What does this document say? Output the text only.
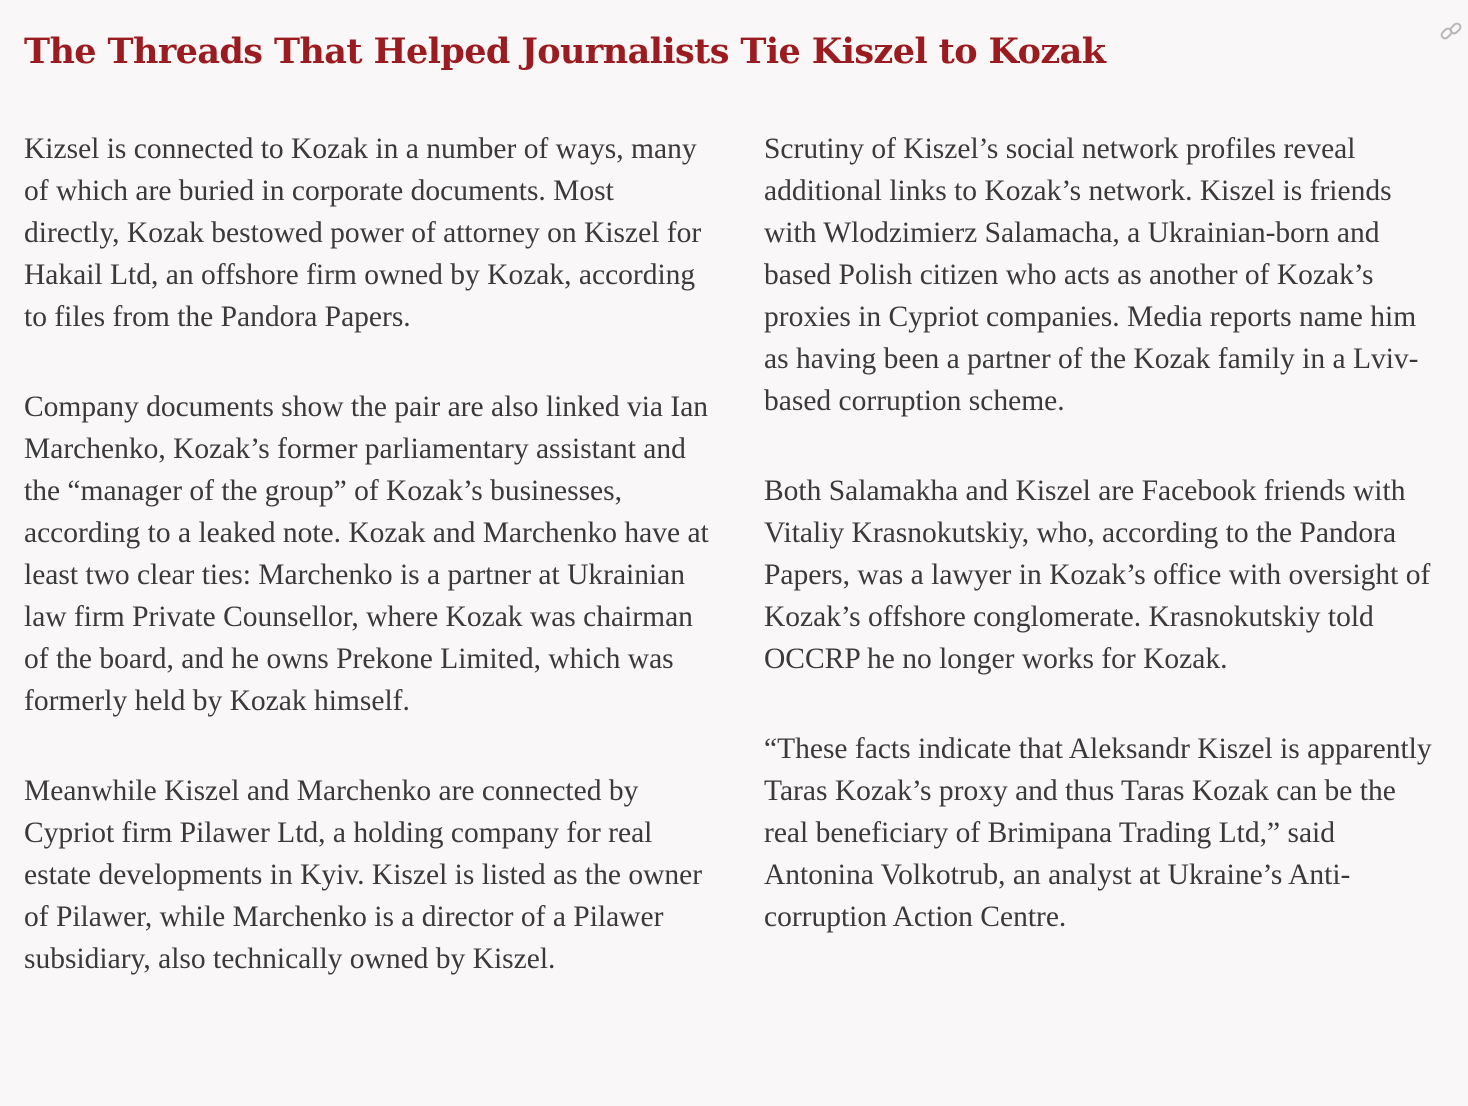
The Threads That Helped Journalists Tie Kiszel to Kozak

Kizsel is connected to Kozak in a number of ways, many of which are buried in corporate documents. Most directly, Kozak bestowed power of attorney on Kiszel for Hakail Ltd, an offshore firm owned by Kozak, according to files from the Pandora Papers.

Company documents show the pair are also linked via Ian Marchenko, Kozak’s former parliamentary assistant and the “manager of the group” of Kozak’s businesses, according to a leaked note. Kozak and Marchenko have at least two clear ties: Marchenko is a partner at Ukrainian law firm Private Counsellor, where Kozak was chairman of the board, and he owns Prekone Limited, which was formerly held by Kozak himself.

Meanwhile Kiszel and Marchenko are connected by Cypriot firm Pilawer Ltd, a holding company for real estate developments in Kyiv. Kiszel is listed as the owner of Pilawer, while Marchenko is a director of a Pilawer subsidiary, also technically owned by Kiszel.

Scrutiny of Kiszel’s social network profiles reveal additional links to Kozak’s network. Kiszel is friends with Wlodzimierz Salamacha, a Ukrainian-born and based Polish citizen who acts as another of Kozak’s proxies in Cypriot companies. Media reports name him as having been a partner of the Kozak family in a Lviv-based corruption scheme.

Both Salamakha and Kiszel are Facebook friends with Vitaliy Krasnokutskiy, who, according to the Pandora Papers, was a lawyer in Kozak’s office with oversight of Kozak’s offshore conglomerate. Krasnokutskiy told OCCRP he no longer works for Kozak.

“These facts indicate that Aleksandr Kiszel is apparently Taras Kozak’s proxy and thus Taras Kozak can be the real beneficiary of Brimipana Trading Ltd,” said Antonina Volkotrub, an analyst at Ukraine’s Anti-corruption Action Centre.
